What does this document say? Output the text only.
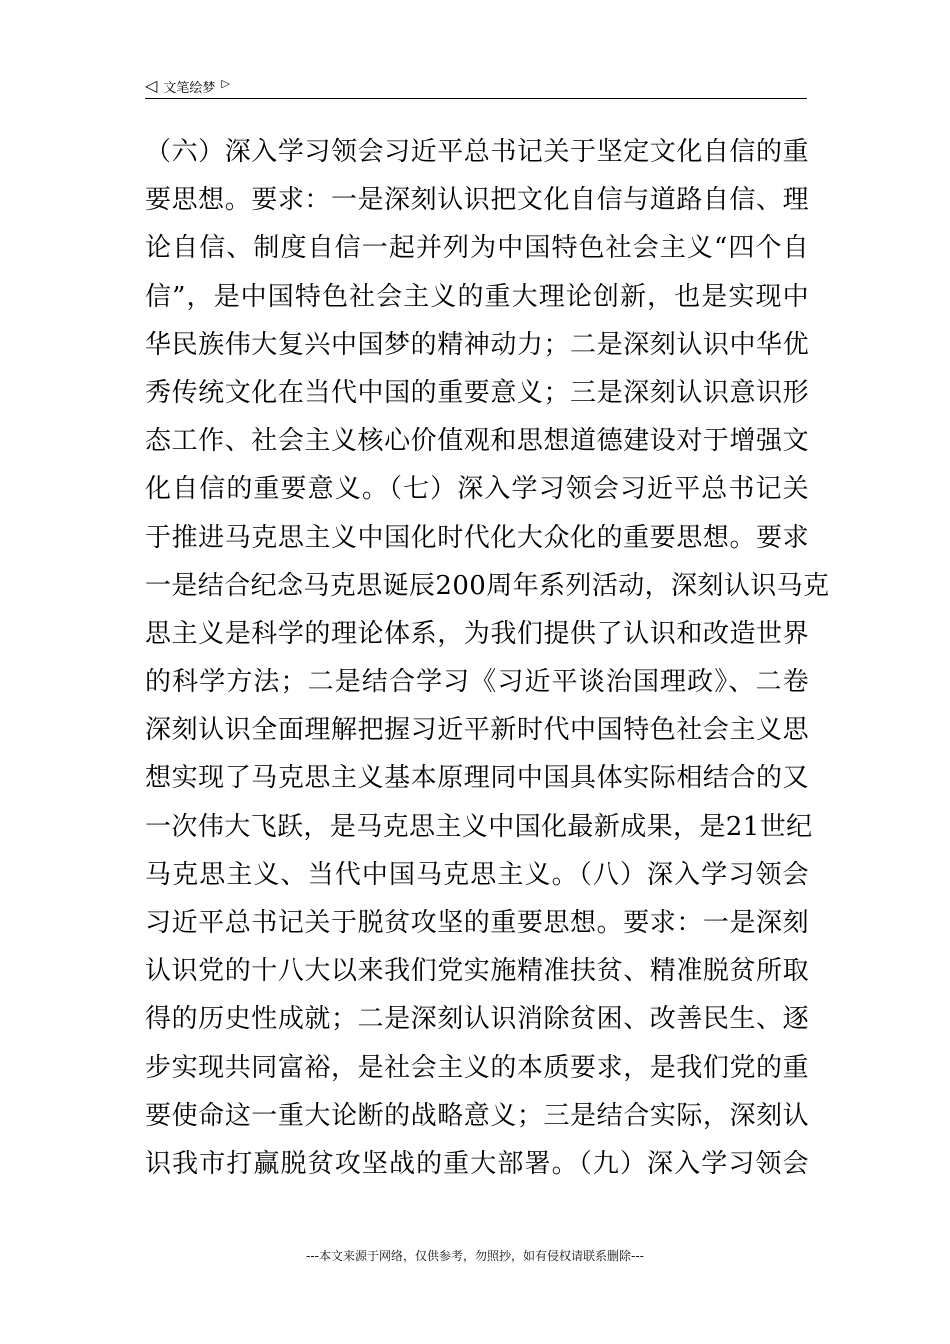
◁ 文笔绘梦 ▷
（六）深入学习领会习近平总书记关于坚定文化自信的重
要思想。要求：一是深刻认识把文化自信与道路自信、理
论自信、制度自信一起并列为中国特色社会主义“四个自
信”，是中国特色社会主义的重大理论创新，也是实现中
华民族伟大复兴中国梦的精神动力；二是深刻认识中华优
秀传统文化在当代中国的重要意义；三是深刻认识意识形
态工作、社会主义核心价值观和思想道德建设对于增强文
化自信的重要意义。（七）深入学习领会习近平总书记关
于推进马克思主义中国化时代化大众化的重要思想。要求
一是结合纪念马克思诞辰200周年系列活动，深刻认识马克
思主义是科学的理论体系，为我们提供了认识和改造世界
的科学方法；二是结合学习《习近平谈治国理政》、二卷
深刻认识全面理解把握习近平新时代中国特色社会主义思
想实现了马克思主义基本原理同中国具体实际相结合的又
一次伟大飞跃，是马克思主义中国化最新成果，是21世纪
马克思主义、当代中国马克思主义。（八）深入学习领会
习近平总书记关于脱贫攻坚的重要思想。要求：一是深刻
认识党的十八大以来我们党实施精准扶贫、精准脱贫所取
得的历史性成就；二是深刻认识消除贫困、改善民生、逐
步实现共同富裕，是社会主义的本质要求，是我们党的重
要使命这一重大论断的战略意义；三是结合实际，深刻认
识我市打赢脱贫攻坚战的重大部署。（九）深入学习领会
---本文来源于网络，仅供参考，勿照抄，如有侵权请联系删除---
